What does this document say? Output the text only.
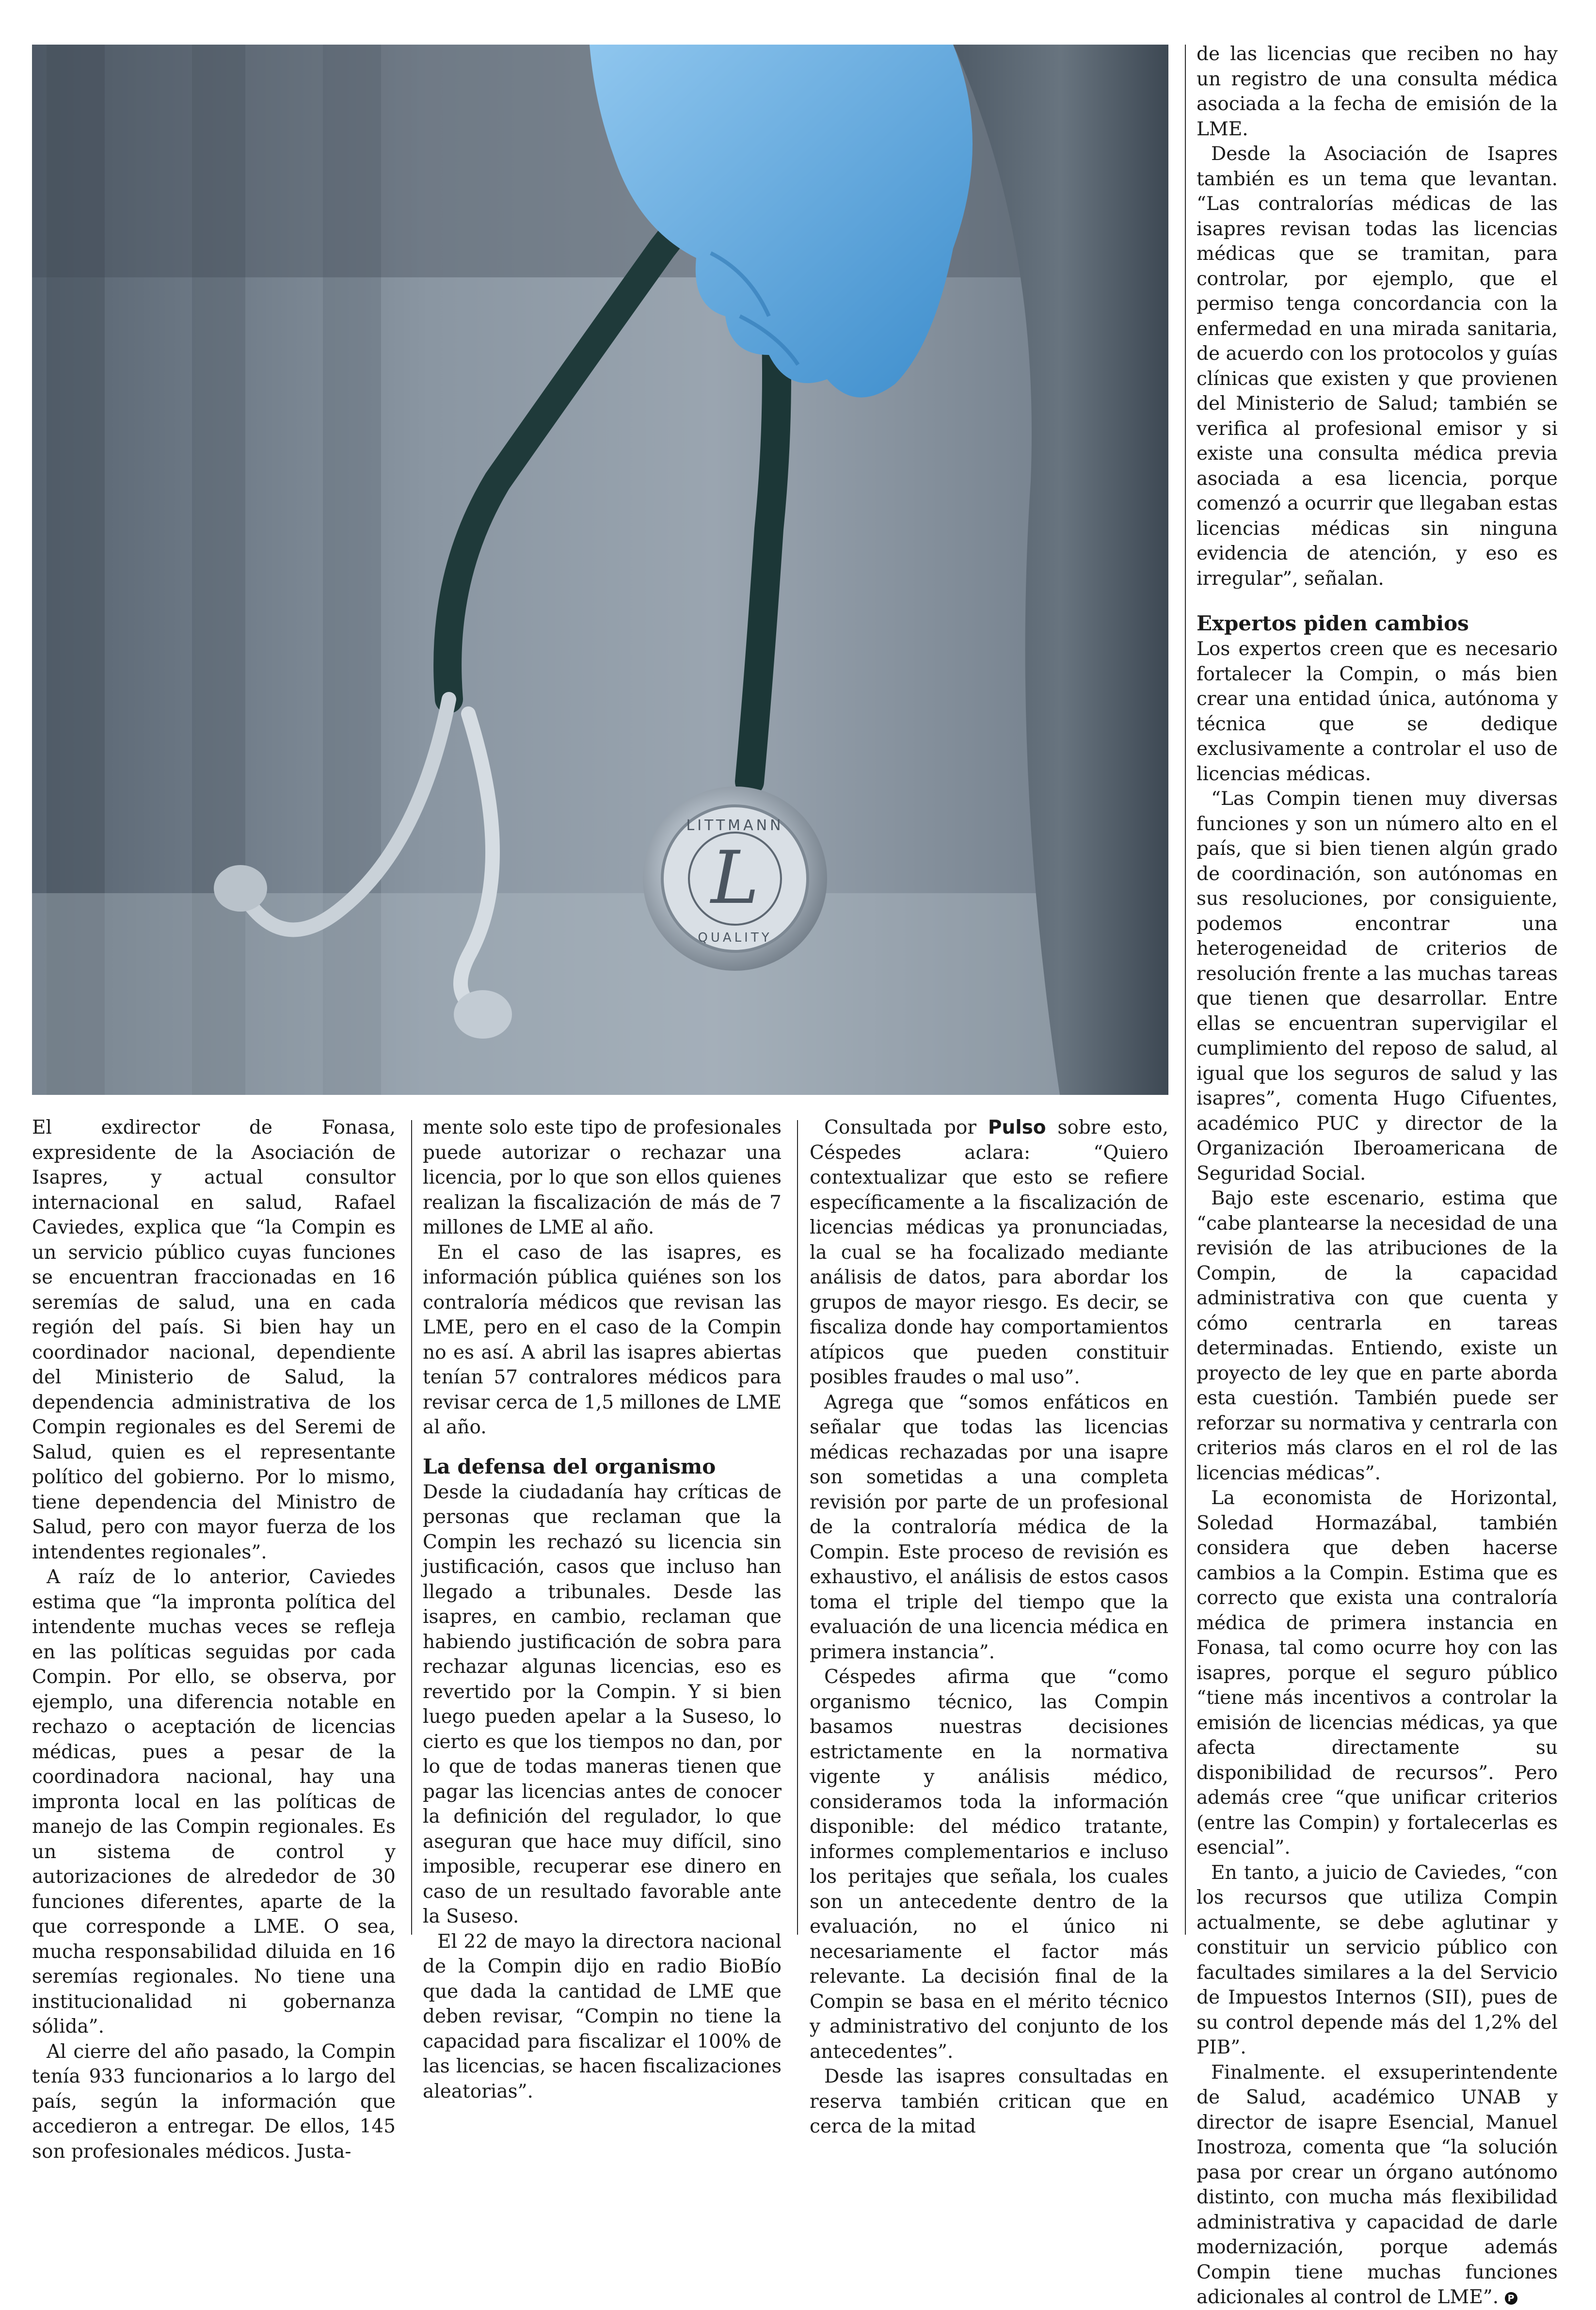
L
LITTMANN
QUALITY

El exdirector de Fonasa, expresidente de la Asociación de Isapres, y actual consultor internacional en salud, Rafael Caviedes, explica que “la Compin es un servicio público cuyas funciones se encuentran fraccionadas en 16 seremías de salud, una en cada región del país. Si bien hay un coordinador nacional, dependiente del Ministerio de Salud, la dependencia administrativa de los Compin regionales es del Seremi de Salud, quien es el representante político del gobierno. Por lo mismo, tiene dependencia del Ministro de Salud, pero con mayor fuerza de los intendentes regionales”.

A raíz de lo anterior, Caviedes estima que “la impronta política del intendente muchas veces se refleja en las políticas seguidas por cada Compin. Por ello, se observa, por ejemplo, una diferencia notable en rechazo o aceptación de licencias médicas, pues a pesar de la coordinadora nacional, hay una impronta local en las políticas de manejo de las Compin regionales. Es un sistema de control y autorizaciones de alrededor de 30 funciones diferentes, aparte de la que corresponde a LME. O sea, mucha responsabilidad diluida en 16 seremías regionales. No tiene una institucionalidad ni gobernanza sólida”.

Al cierre del año pasado, la Compin tenía 933 funcionarios a lo largo del país, según la información que accedieron a entregar. De ellos, 145 son profesionales médicos. Justa-

mente solo este tipo de profesionales puede autorizar o rechazar una licencia, por lo que son ellos quienes realizan la fiscalización de más de 7 millones de LME al año.

En el caso de las isapres, es información pública quiénes son los contraloría médicos que revisan las LME, pero en el caso de la Compin no es así. A abril las isapres abiertas tenían 57 contralores médicos para revisar cerca de 1,5 millones de LME al año.

La defensa del organismo

Desde la ciudadanía hay críticas de personas que reclaman que la Compin les rechazó su licencia sin justificación, casos que incluso han llegado a tribunales. Desde las isapres, en cambio, reclaman que habiendo justificación de sobra para rechazar algunas licencias, eso es revertido por la Compin. Y si bien luego pueden apelar a la Suseso, lo cierto es que los tiempos no dan, por lo que de todas maneras tienen que pagar las licencias antes de conocer la definición del regulador, lo que aseguran que hace muy difícil, sino imposible, recuperar ese dinero en caso de un resultado favorable ante la Suseso.

El 22 de mayo la directora nacional de la Compin dijo en radio BioBío que dada la cantidad de LME que deben revisar, “Compin no tiene la capacidad para fiscalizar el 100% de las licencias, se hacen fiscalizaciones aleatorias”.

Consultada por Pulso sobre esto, Céspedes aclara: “Quiero contextualizar que esto se refiere específicamente a la fiscalización de licencias médicas ya pronunciadas, la cual se ha focalizado mediante análisis de datos, para abordar los grupos de mayor riesgo. Es decir, se fiscaliza donde hay comportamientos atípicos que pueden constituir posibles fraudes o mal uso”.

Agrega que “somos enfáticos en señalar que todas las licencias médicas rechazadas por una isapre son sometidas a una completa revisión por parte de un profesional de la contraloría médica de la Compin. Este proceso de revisión es exhaustivo, el análisis de estos casos toma el triple del tiempo que la evaluación de una licencia médica en primera instancia”.

Céspedes afirma que “como organismo técnico, las Compin basamos nuestras decisiones estrictamente en la normativa vigente y análisis médico, consideramos toda la información disponible: del médico tratante, informes complementarios e incluso los peritajes que señala, los cuales son un antecedente dentro de la evaluación, no el único ni necesariamente el factor más relevante. La decisión final de la Compin se basa en el mérito técnico y administrativo del conjunto de los antecedentes”.

Desde las isapres consultadas en reserva también critican que en cerca de la mitad

de las licencias que reciben no hay un registro de una consulta médica asociada a la fecha de emisión de la LME.

Desde la Asociación de Isapres también es un tema que levantan. “Las contralorías médicas de las isapres revisan todas las licencias médicas que se tramitan, para controlar, por ejemplo, que el permiso tenga concordancia con la enfermedad en una mirada sanitaria, de acuerdo con los protocolos y guías clínicas que existen y que provienen del Ministerio de Salud; también se verifica al profesional emisor y si existe una consulta médica previa asociada a esa licencia, porque comenzó a ocurrir que llegaban estas licencias médicas sin ninguna evidencia de atención, y eso es irregular”, señalan.

Expertos piden cambios

Los expertos creen que es necesario fortalecer la Compin, o más bien crear una entidad única, autónoma y técnica que se dedique exclusivamente a controlar el uso de licencias médicas.

“Las Compin tienen muy diversas funciones y son un número alto en el país, que si bien tienen algún grado de coordinación, son autónomas en sus resoluciones, por consiguiente, podemos encontrar una heterogeneidad de criterios de resolución frente a las muchas tareas que tienen que desarrollar. Entre ellas se encuentran supervigilar el cumplimiento del reposo de salud, al igual que los seguros de salud y las isapres”, comenta Hugo Cifuentes, académico PUC y director de la Organización Iberoamericana de Seguridad Social.

Bajo este escenario, estima que “cabe plantearse la necesidad de una revisión de las atribuciones de la Compin, de la capacidad administrativa con que cuenta y cómo centrarla en tareas determinadas. Entiendo, existe un proyecto de ley que en parte aborda esta cuestión. También puede ser reforzar su normativa y centrarla con criterios más claros en el rol de las licencias médicas”.

La economista de Horizontal, Soledad Hormazábal, también considera que deben hacerse cambios a la Compin. Estima que es correcto que exista una contraloría médica de primera instancia en Fonasa, tal como ocurre hoy con las isapres, porque el seguro público “tiene más incentivos a controlar la emisión de licencias médicas, ya que afecta directamente su disponibilidad de recursos”. Pero además cree “que unificar criterios (entre las Compin) y fortalecerlas es esencial”.

En tanto, a juicio de Caviedes, “con los recursos que utiliza Compin actualmente, se debe aglutinar y constituir un servicio público con facultades similares a la del Servicio de Impuestos Internos (SII), pues de su control depende más del 1,2% del PIB”.

Finalmente. el exsuperintendente de Salud, académico UNAB y director de isapre Esencial, Manuel Inostroza, comenta que “la solución pasa por crear un órgano autónomo distinto, con mucha más flexibilidad administrativa y capacidad de darle modernización, porque además Compin tiene muchas funciones adicionales al control de LME”. P
